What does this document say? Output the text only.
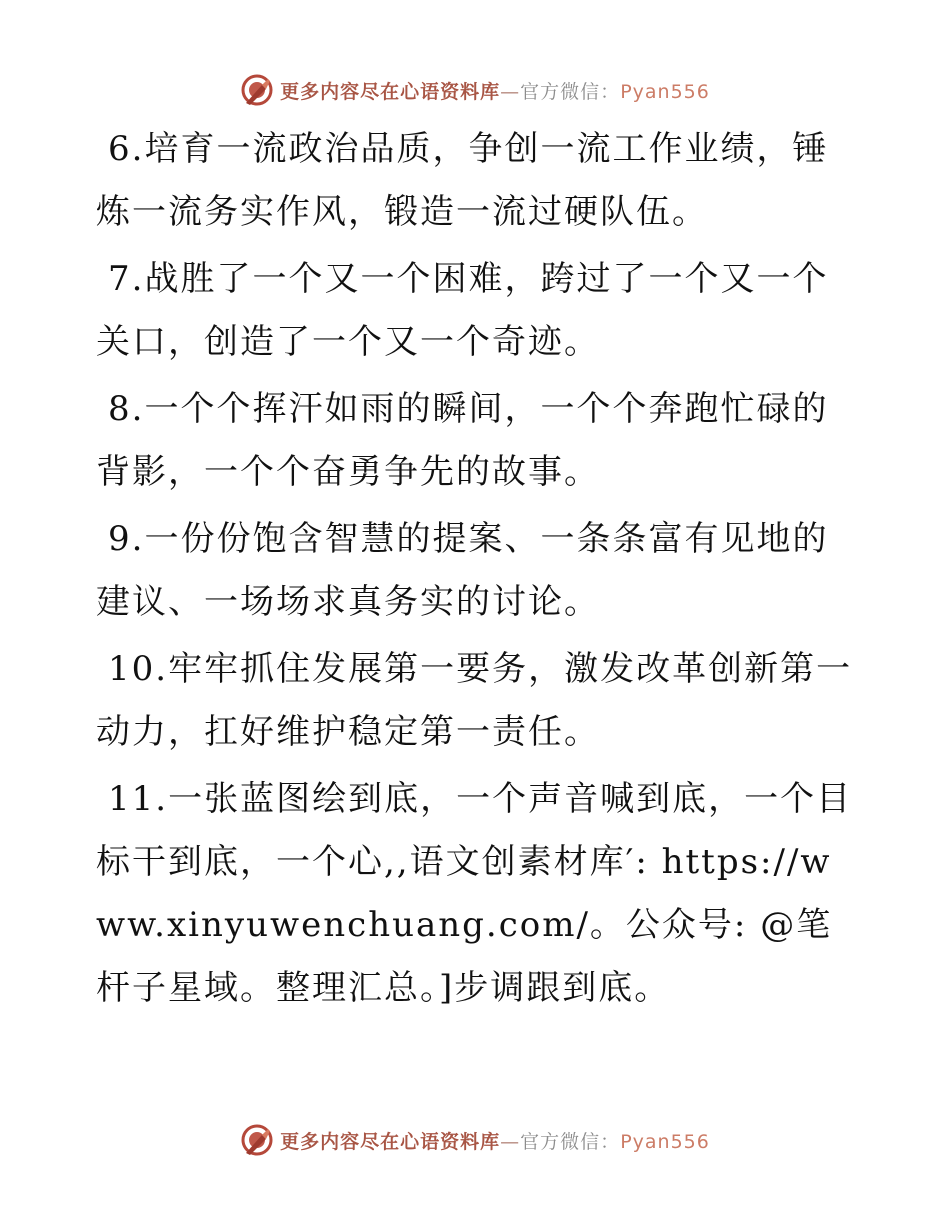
更多内容尽在心语资料库—官方微信：Pyan556

6.培育一流政治品质，争创一流工作业绩，锤炼一流务实作风，锻造一流过硬队伍。

7.战胜了一个又一个困难，跨过了一个又一个关口，创造了一个又一个奇迹。

8.一个个挥汗如雨的瞬间，一个个奔跑忙碌的背影，一个个奋勇争先的故事。

9.一份份饱含智慧的提案、一条条富有见地的建议、一场场求真务实的讨论。

10.牢牢抓住发展第一要务，激发改革创新第一动力，扛好维护稳定第一责任。

11.一张蓝图绘到底，一个声音喊到底，一个目标干到底，一个心,,语文创素材库′: https://www.xinyuwenchuang.com/。公众号: @笔杆子星域。整理汇总。]步调跟到底。

更多内容尽在心语资料库—官方微信：Pyan556
